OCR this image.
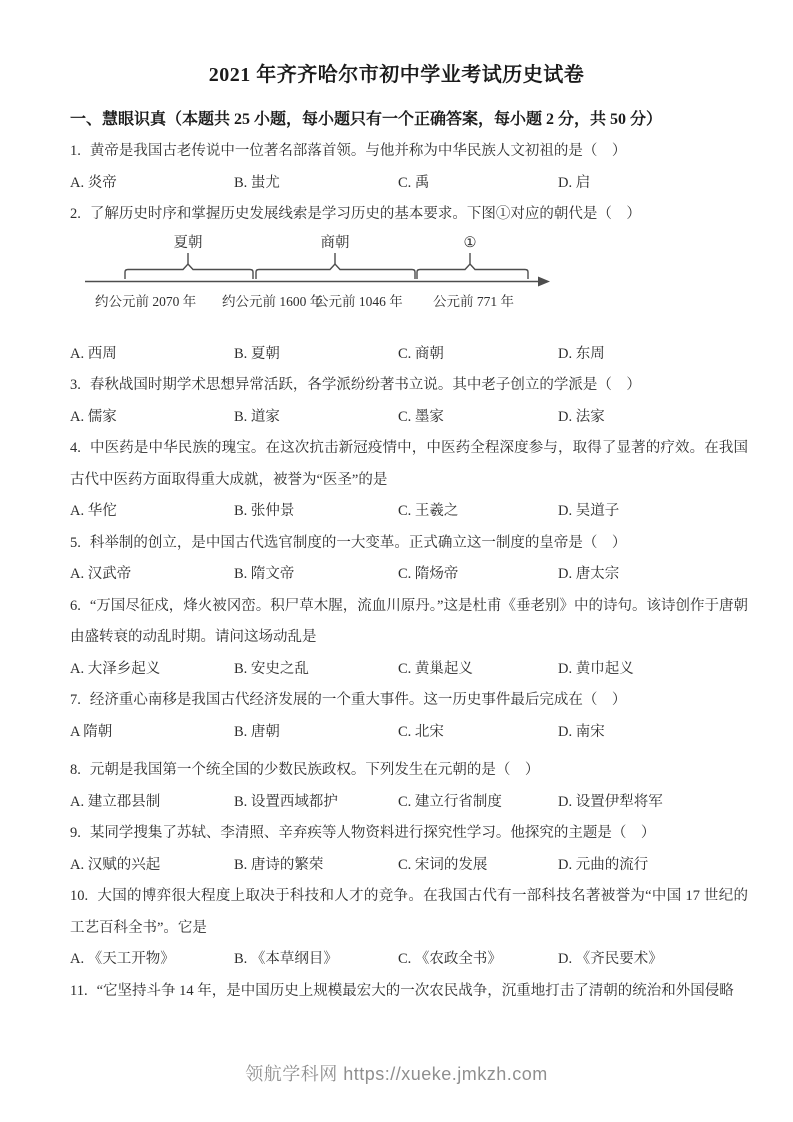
2021 年齐齐哈尔市初中学业考试历史试卷
一、慧眼识真（本题共 25 小题，每小题只有一个正确答案，每小题 2 分，共 50 分）

1. 黄帝是我国古老传说中一位著名部落首领。与他并称为中华民族人文初祖的是（　）

A. 炎帝	B. 蚩尤	C. 禹	D. 启

2. 了解历史时序和掌握历史发展线索是学习历史的基本要求。下图①对应的朝代是（　）

夏朝	商朝	①
约公元前 2070 年 约公元前 1600 年
公元前 1046 年 公元前 771 年
A. 西周	B. 夏朝	C. 商朝	D. 东周

3. 春秋战国时期学术思想异常活跃，各学派纷纷著书立说。其中老子创立的学派是（　）

A. 儒家	B. 道家	C. 墨家	D. 法家

4. 中医药是中华民族的瑰宝。在这次抗击新冠疫情中，中医药全程深度参与，取得了显著的疗效。在我国古代中医药方面取得重大成就，被誉为“医圣”的是

A. 华佗	B. 张仲景	C. 王羲之	D. 吴道子

5. 科举制的创立，是中国古代选官制度的一大变革。正式确立这一制度的皇帝是（　）

A. 汉武帝	B. 隋文帝	C. 隋炀帝	D. 唐太宗

6. “万国尽征戍，烽火被冈峦。积尸草木腥，流血川原丹。”这是杜甫《垂老别》中的诗句。该诗创作于唐朝由盛转衰的动乱时期。请问这场动乱是

A. 大泽乡起义	B. 安史之乱	C. 黄巢起义	D. 黄巾起义

7. 经济重心南移是我国古代经济发展的一个重大事件。这一历史事件最后完成在（　）

A 隋朝	B. 唐朝	C. 北宋	D. 南宋

8. 元朝是我国第一个统全国的少数民族政权。下列发生在元朝的是（　）

A. 建立郡县制	B. 设置西域都护	C. 建立行省制度	D. 设置伊犁将军

9. 某同学搜集了苏轼、李清照、辛弃疾等人物资料进行探究性学习。他探究的主题是（　）

A. 汉赋的兴起	B. 唐诗的繁荣	C. 宋词的发展	D. 元曲的流行

10. 大国的博弈很大程度上取决于科技和人才的竞争。在我国古代有一部科技名著被誉为“中国 17 世纪的工艺百科全书”。它是

A. 《天工开物》	B. 《本草纲目》	C. 《农政全书》	D. 《齐民要术》

11. “它坚持斗争 14 年，是中国历史上规模最宏大的一次农民战争，沉重地打击了清朝的统治和外国侵略

领航学科网 https://xueke.jmkzh.com
